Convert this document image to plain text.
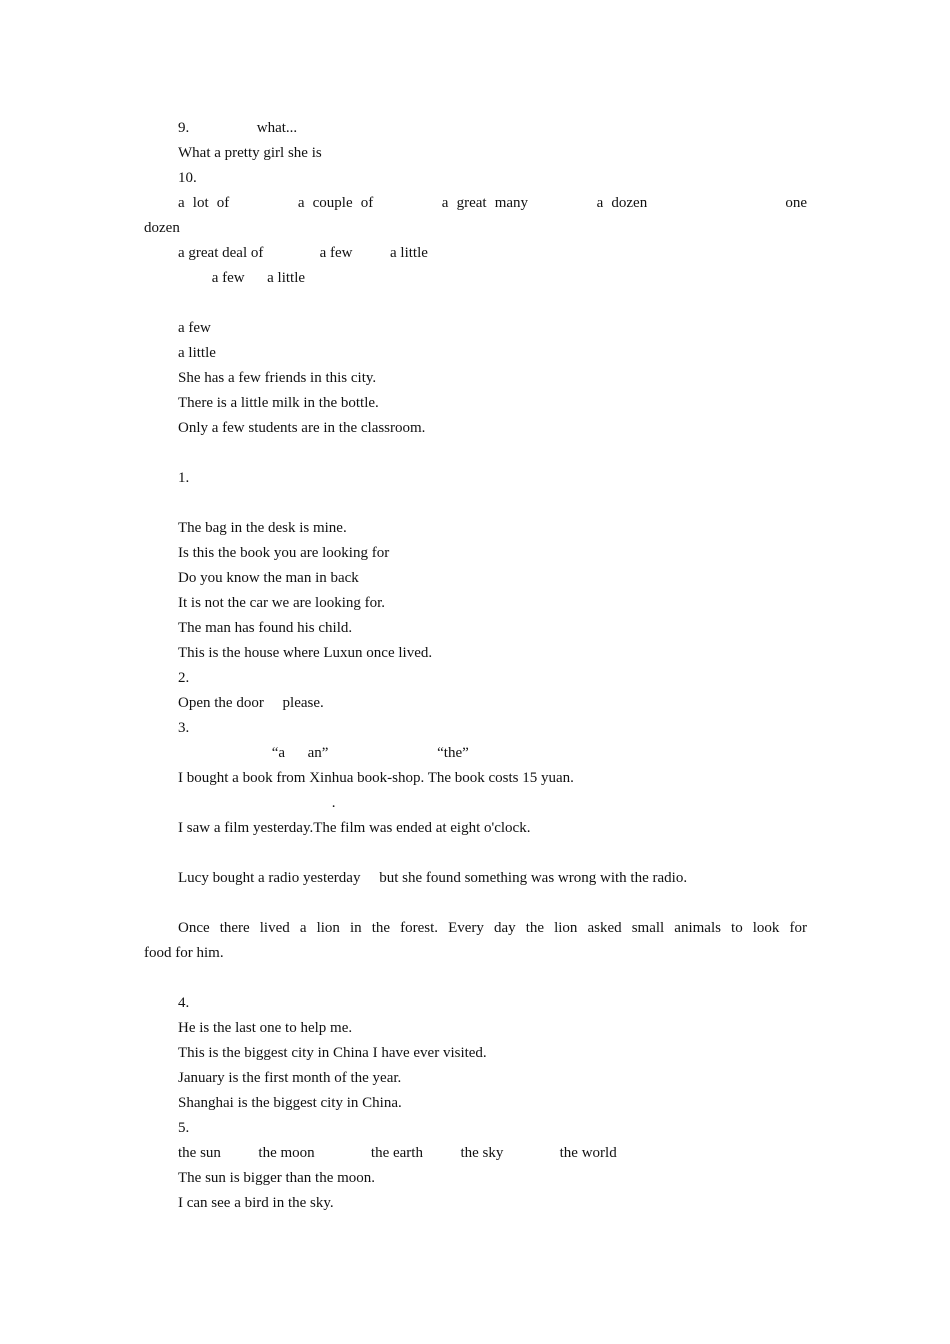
9. 　　　　 what...　　　　
What a pretty girl she is　　　　　　　　　　　　　
10.　　　　　　　　　　　　
a lot of 　　　 a couple of 　　　 a great many 　　　 a dozen 　　　　　　　 one
dozen　
a great deal of 　　 　 a few 　　 a little 　　
　　 a few 　 a little 　　　　　　

a few 　　
a little 　　
She has a few friends in this city. 　　　　　　　　　　　　
There is a little milk in the bottle. 　　　　　　　
Only a few students are in the classroom. 　　　　　　　　　　

1. 　　　　　　　　　　　　　　　

The bag in the desk is mine. 　　　　　　　　　　
Is this the book you are looking for　 　　　　　　　　
Do you know the man in back　 　　　　　　　　　　　　　
It is not the car we are looking for. 　　　　　　　　　
The man has found his child. 　　　　　　　　　　　
This is the house where Luxun once lived.　　　　　　　　　　　　
2. 　　　　　　　　　　　　　　　　
Open the door　 please.　　　　　
3. 　　　　　　　　　　　　
　　　　　　 “a 　 an”　　　　　　　 “the”　
I bought a book from Xinhua book-shop. The book costs 15 yuan.
　　　　　　　　　　 . 　　　　　　　
I saw a film yesterday.The film was ended at eight o'clock.

Lucy bought a radio yesterday　 but she found something was wrong with the radio.

Once there lived a lion in the forest. Every day the lion asked small animals to look for
food for him.

4. 　　　　　　　　　　　　
He is the last one to help me. 　　　　　　　　
This is the biggest city in China I have ever visited. 　　　　　　　　　　　　　　
January is the first month of the year.　　　　　　　　　　　　　
Shanghai is the biggest city in China.　　　　　　　　　　　
5. 　　　　　　　　　　　　　　
the sun 　　 the moon 　　 　 the earth 　　 the sky 　　 　 the world 　　
The sun is bigger than the moon. 　　　　　　
I can see a bird in the sky. 　　　　　　　　　　　　
